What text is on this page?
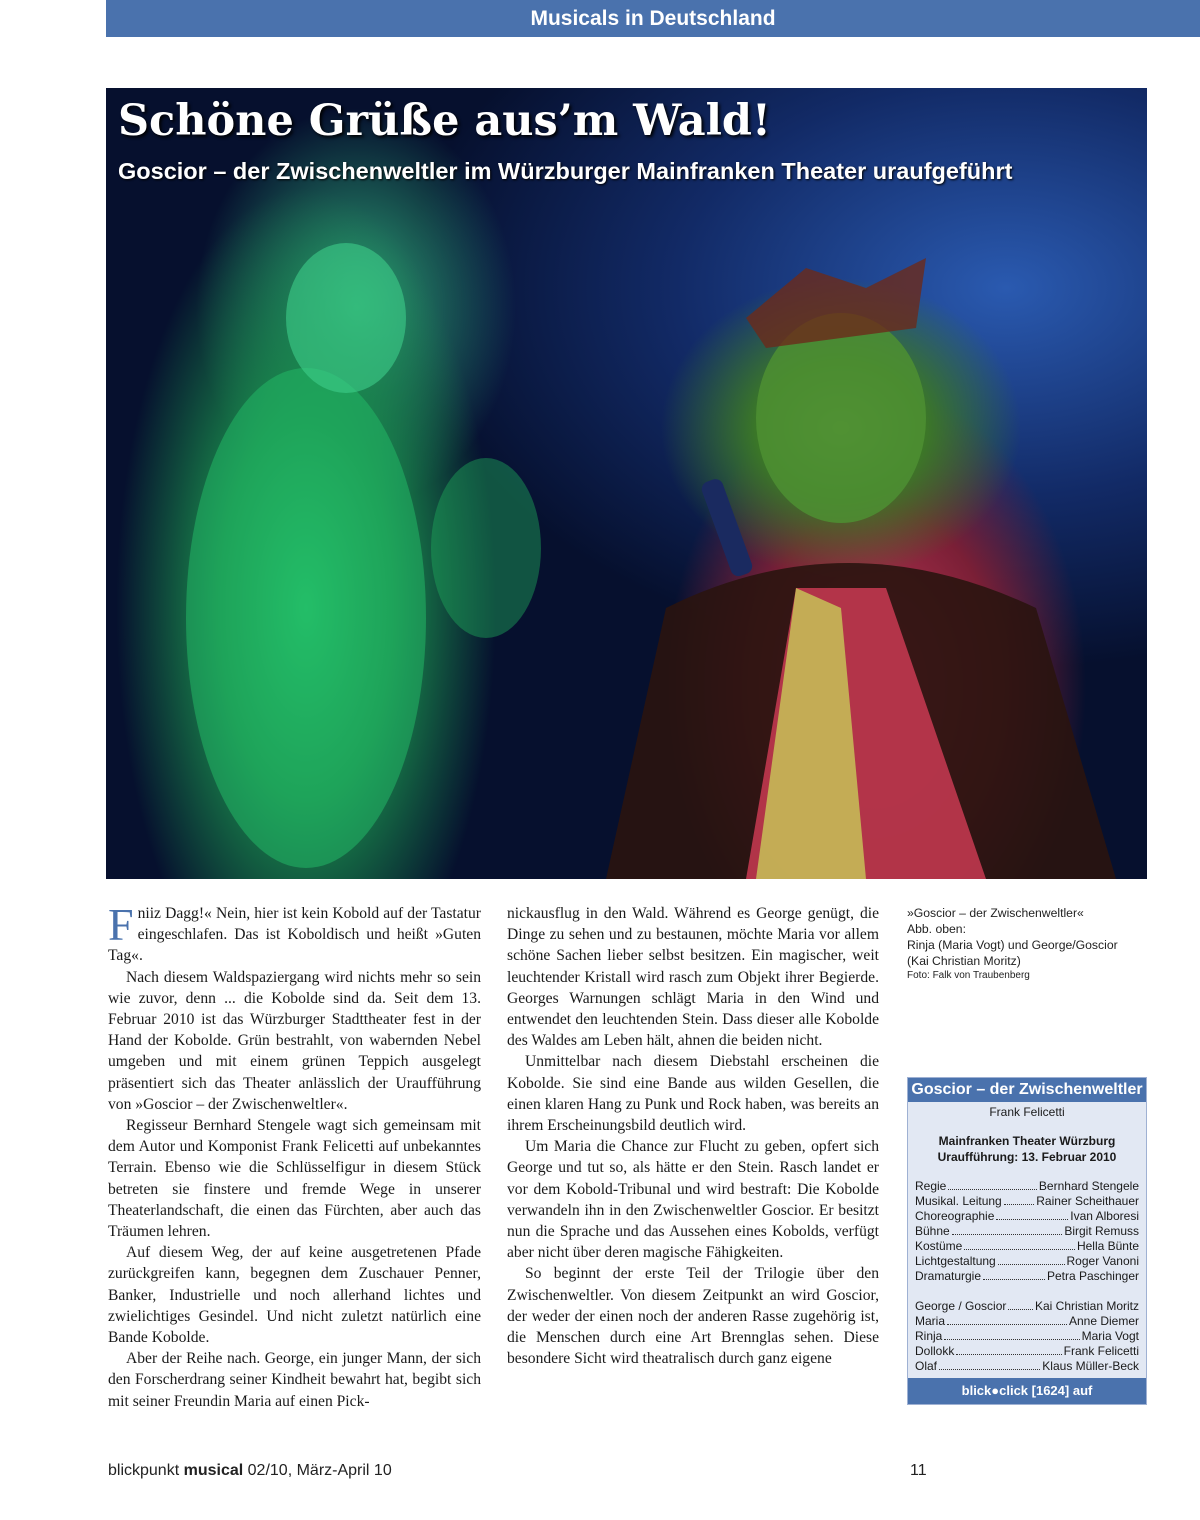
Musicals in Deutschland
Schöne Grüße aus’m Wald!
Goscior – der Zwischenweltler im Würzburger Mainfranken Theater uraufgeführt

Fniiz Dagg!« Nein, hier ist kein Kobold auf der Tastatur eingeschlafen. Das ist Koboldisch und heißt »Guten Tag«.

Nach diesem Waldspaziergang wird nichts mehr so sein wie zuvor, denn ... die Kobolde sind da. Seit dem 13. Februar 2010 ist das Würzburger Stadttheater fest in der Hand der Kobolde. Grün bestrahlt, von wabernden Nebel umgeben und mit einem grünen Teppich ausgelegt präsentiert sich das Theater anlässlich der Uraufführung von »Goscior – der Zwischenweltler«.

Regisseur Bernhard Stengele wagt sich gemeinsam mit dem Autor und Komponist Frank Felicetti auf unbekanntes Terrain. Ebenso wie die Schlüsselfigur in diesem Stück betreten sie finstere und fremde Wege in unserer Theaterlandschaft, die einen das Fürchten, aber auch das Träumen lehren.

Auf diesem Weg, der auf keine ausgetretenen Pfade zurückgreifen kann, begegnen dem Zuschauer Penner, Banker, Industrielle und noch allerhand lichtes und zwielichtiges Gesindel. Und nicht zuletzt natürlich eine Bande Kobolde.

Aber der Reihe nach. George, ein junger Mann, der sich den Forscherdrang seiner Kindheit bewahrt hat, begibt sich mit seiner Freundin Maria auf einen Pick-

nickausflug in den Wald. Während es George genügt, die Dinge zu sehen und zu bestaunen, möchte Maria vor allem schöne Sachen lieber selbst besitzen. Ein magischer, weit leuchtender Kristall wird rasch zum Objekt ihrer Begierde. Georges Warnungen schlägt Maria in den Wind und entwendet den leuchtenden Stein. Dass dieser alle Kobolde des Waldes am Leben hält, ahnen die beiden nicht.

Unmittelbar nach diesem Diebstahl erscheinen die Kobolde. Sie sind eine Bande aus wilden Gesellen, die einen klaren Hang zu Punk und Rock haben, was bereits an ihrem Erscheinungsbild deutlich wird.

Um Maria die Chance zur Flucht zu geben, opfert sich George und tut so, als hätte er den Stein. Rasch landet er vor dem Kobold-Tribunal und wird bestraft: Die Kobolde verwandeln ihn in den Zwischenweltler Goscior. Er besitzt nun die Sprache und das Aussehen eines Kobolds, verfügt aber nicht über deren magische Fähigkeiten.

So beginnt der erste Teil der Trilogie über den Zwischenweltler. Von diesem Zeitpunkt an wird Goscior, der weder der einen noch der anderen Rasse zugehörig ist, die Menschen durch eine Art Brennglas sehen. Diese besondere Sicht wird theatralisch durch ganz eigene

»Goscior – der Zwischenweltler«
Abb. oben:
Rinja (Maria Vogt) und George/Goscior
(Kai Christian Moritz)
Foto: Falk von Traubenberg
Goscior – der Zwischenweltler
Frank Felicetti
Mainfranken Theater Würzburg
Uraufführung: 13. Februar 2010
Regie	Bernhard Stengele
Musikal. Leitung	Rainer Scheithauer
Choreographie	Ivan Alboresi
Bühne	Birgit Remuss
Kostüme	Hella Bünte
Lichtgestaltung	Roger Vanoni
Dramaturgie	Petra Paschinger
George / Goscior Kai Christian Moritz
Maria	Anne Diemer
Rinja	Maria Vogt
Dollokk	Frank Felicetti
Olaf	Klaus Müller-Beck
blick●click [1624] auf musicalclub24.de
blickpunkt musical 02/10, März-April 10	11
